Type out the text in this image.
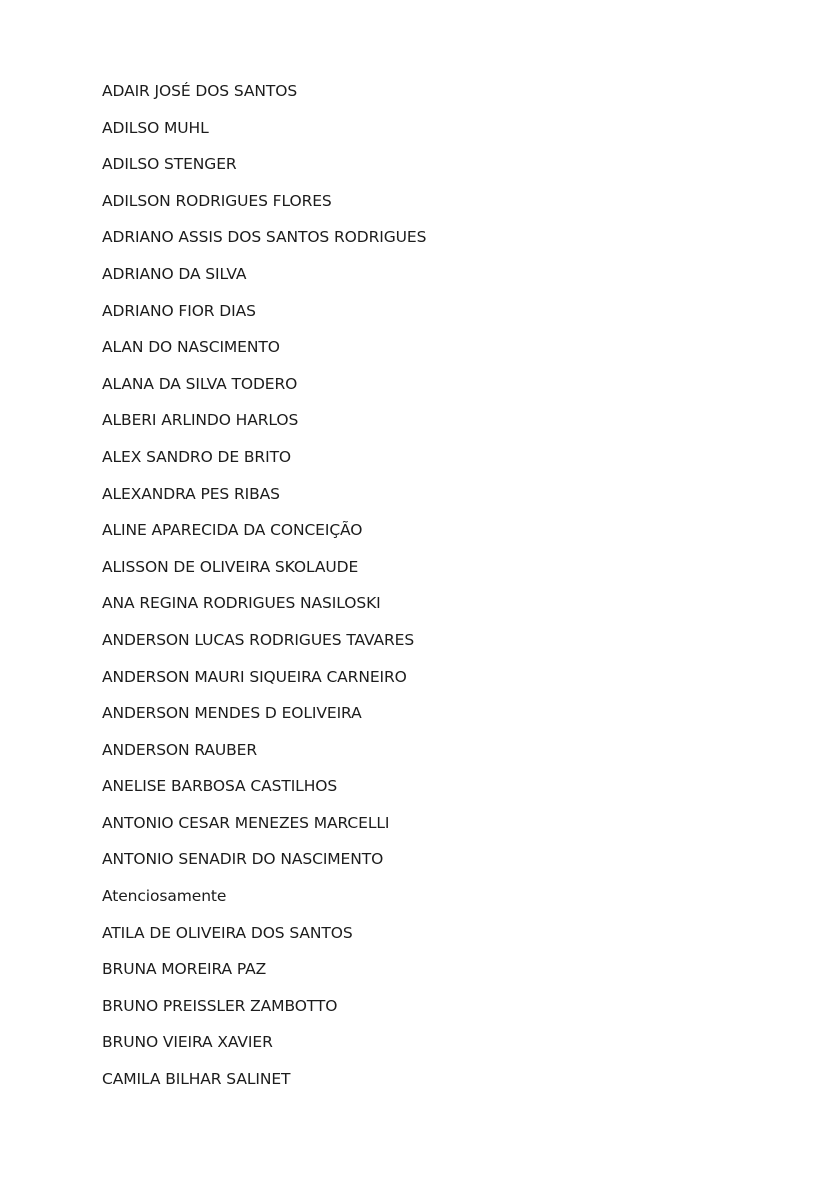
ADAIR JOSÉ DOS SANTOS
ADILSO MUHL
ADILSO STENGER
ADILSON RODRIGUES FLORES
ADRIANO ASSIS DOS SANTOS RODRIGUES
ADRIANO DA SILVA
ADRIANO FIOR DIAS
ALAN DO NASCIMENTO
ALANA DA SILVA TODERO
ALBERI ARLINDO HARLOS
ALEX SANDRO DE BRITO
ALEXANDRA PES RIBAS
ALINE APARECIDA DA CONCEIÇÃO
ALISSON DE OLIVEIRA SKOLAUDE
ANA REGINA RODRIGUES NASILOSKI
ANDERSON LUCAS RODRIGUES TAVARES
ANDERSON MAURI SIQUEIRA CARNEIRO
ANDERSON MENDES D EOLIVEIRA
ANDERSON RAUBER
ANELISE BARBOSA CASTILHOS
ANTONIO CESAR MENEZES MARCELLI
ANTONIO SENADIR DO NASCIMENTO
Atenciosamente
ATILA DE OLIVEIRA DOS SANTOS
BRUNA MOREIRA PAZ
BRUNO PREISSLER ZAMBOTTO
BRUNO VIEIRA XAVIER
CAMILA BILHAR SALINET
